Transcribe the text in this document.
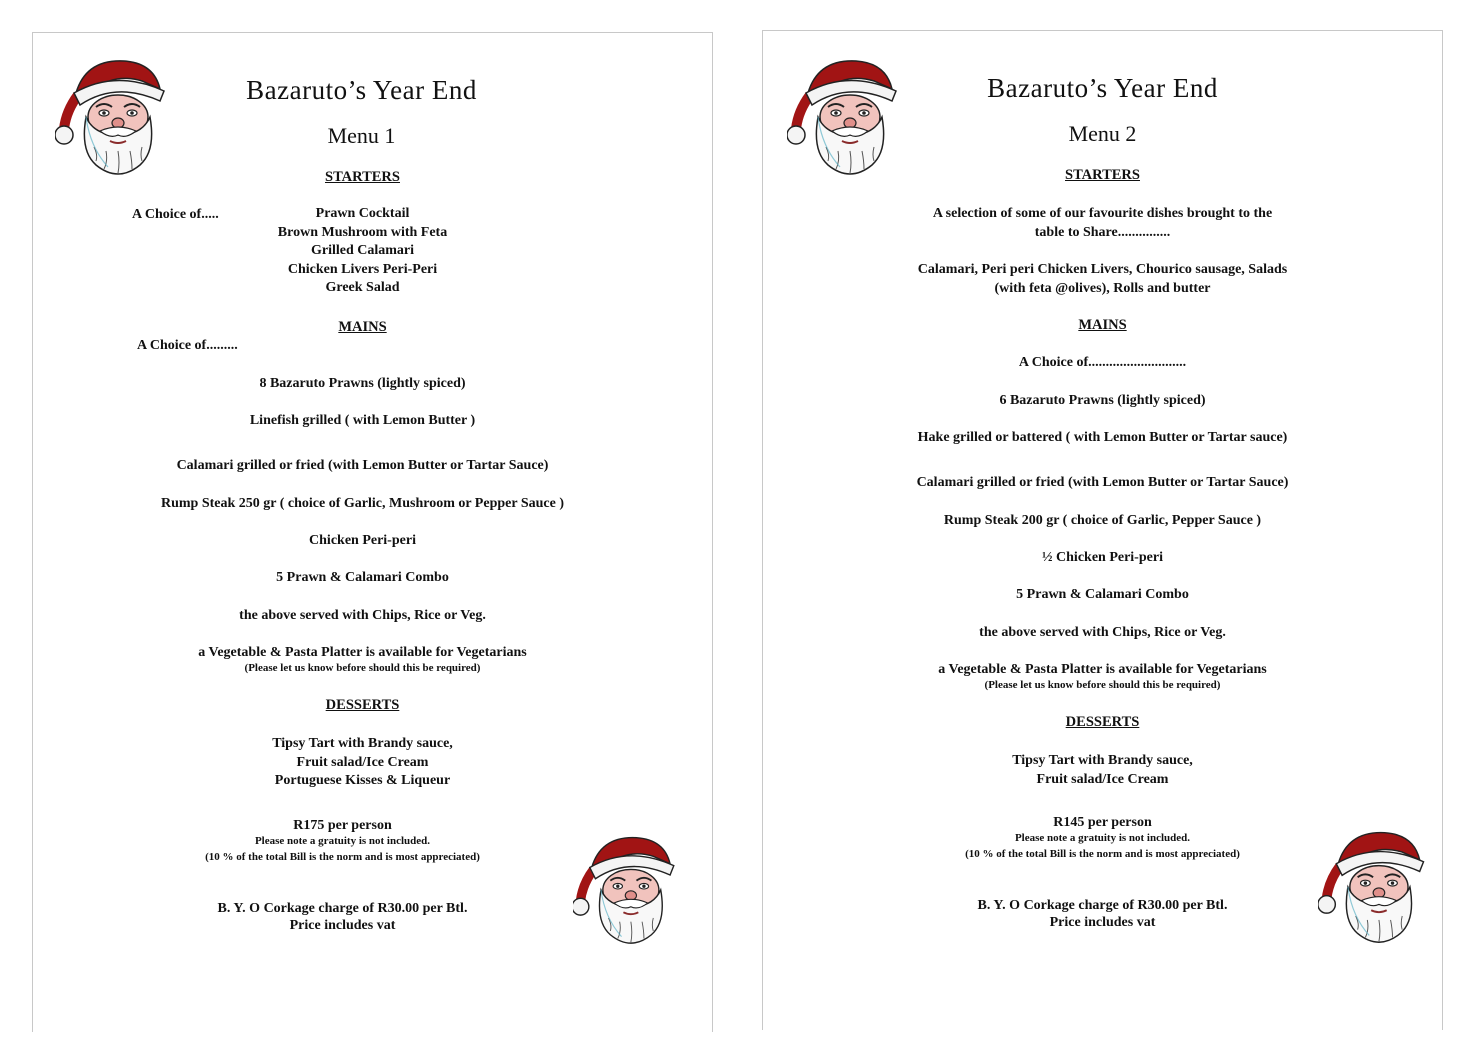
Bazaruto’s Year End
Menu 1
STARTERS
A Choice of.....	Prawn Cocktail
Brown Mushroom with Feta
Grilled Calamari
Chicken Livers Peri-Peri
Greek Salad
MAINS
A Choice of.........
8 Bazaruto Prawns (lightly spiced)
Linefish grilled ( with Lemon Butter )
Calamari grilled or fried (with Lemon Butter or Tartar Sauce)
Rump Steak 250 gr ( choice of Garlic, Mushroom or Pepper Sauce )
Chicken Peri-peri
5 Prawn & Calamari Combo
the above served with Chips, Rice or Veg.
a Vegetable & Pasta Platter is available for Vegetarians
(Please let us know before should this be required)
DESSERTS
Tipsy Tart with Brandy sauce,
Fruit salad/Ice Cream
Portuguese Kisses & Liqueur
R175 per person
Please note a gratuity is not included.
(10 % of the total Bill is the norm and is most appreciated)
B. Y. O Corkage charge of R30.00 per Btl.
Price includes vat
Bazaruto’s Year End
Menu 2
STARTERS
A selection of some of our favourite dishes brought to the
table to Share...............
Calamari, Peri peri Chicken Livers, Chourico sausage, Salads
(with feta @olives), Rolls and butter
MAINS
A Choice of............................
6 Bazaruto Prawns (lightly spiced)
Hake grilled or battered ( with Lemon Butter or Tartar sauce)
Calamari grilled or fried (with Lemon Butter or Tartar Sauce)
Rump Steak 200 gr ( choice of Garlic, Pepper Sauce )
½ Chicken Peri-peri
5 Prawn & Calamari Combo
the above served with Chips, Rice or Veg.
a Vegetable & Pasta Platter is available for Vegetarians
(Please let us know before should this be required)
DESSERTS
Tipsy Tart with Brandy sauce,
Fruit salad/Ice Cream
R145 per person
Please note a gratuity is not included.
(10 % of the total Bill is the norm and is most appreciated)
B. Y. O Corkage charge of R30.00 per Btl.
Price includes vat
